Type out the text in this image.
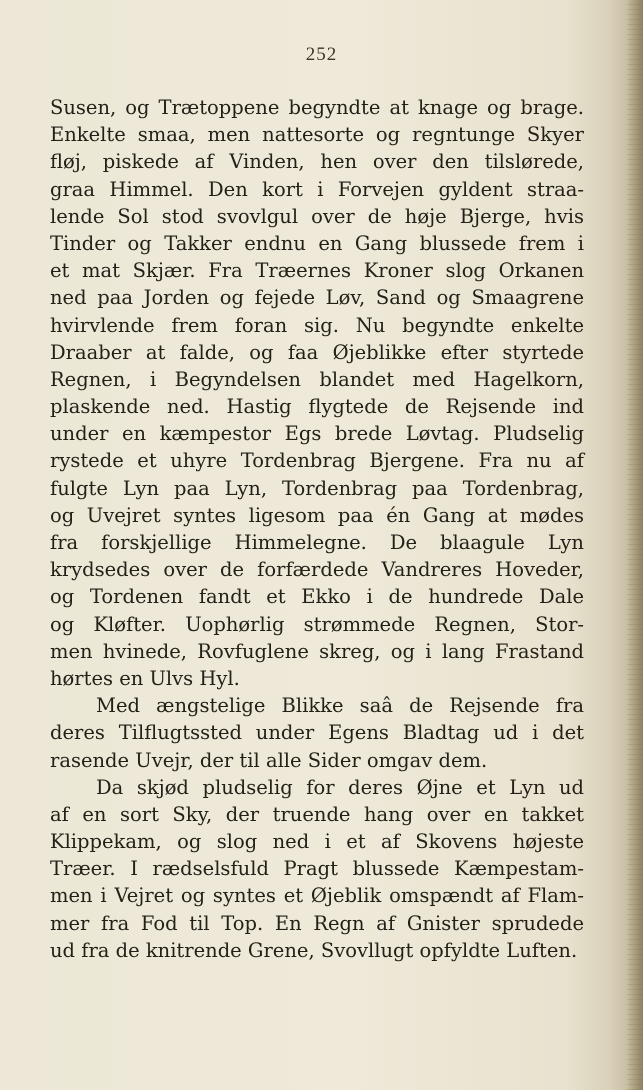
252
Susen, og Trætoppene begyndte at knage og brage.
Enkelte smaa, men nattesorte og regntunge Skyer
fløj, piskede af Vinden, hen over den tilslørede,
graa Himmel. Den kort i Forvejen gyldent straa-
lende Sol stod svovlgul over de høje Bjerge, hvis
Tinder og Takker endnu en Gang blussede frem i
et mat Skjær. Fra Træernes Kroner slog Orkanen
ned paa Jorden og fejede Løv, Sand og Smaagrene
hvirvlende frem foran sig. Nu begyndte enkelte
Draaber at falde, og faa Øjeblikke efter styrtede
Regnen, i Begyndelsen blandet med Hagelkorn,
plaskende ned. Hastig flygtede de Rejsende ind
under en kæmpestor Egs brede Løvtag. Pludselig
rystede et uhyre Tordenbrag Bjergene. Fra nu af
fulgte Lyn paa Lyn, Tordenbrag paa Tordenbrag,
og Uvejret syntes ligesom paa én Gang at mødes
fra forskjellige Himmelegne. De blaagule Lyn
krydsedes over de forfærdede Vandreres Hoveder,
og Tordenen fandt et Ekko i de hundrede Dale
og Kløfter. Uophørlig strømmede Regnen, Stor-
men hvinede, Rovfuglene skreg, og i lang Frastand
hørtes en Ulvs Hyl.
Med ængstelige Blikke saâ de Rejsende fra
deres Tilflugtssted under Egens Bladtag ud i det
rasende Uvejr, der til alle Sider omgav dem.
Da skjød pludselig for deres Øjne et Lyn ud
af en sort Sky, der truende hang over en takket
Klippekam, og slog ned i et af Skovens højeste
Træer. I rædselsfuld Pragt blussede Kæmpestam-
men i Vejret og syntes et Øjeblik omspændt af Flam-
mer fra Fod til Top. En Regn af Gnister sprudede
ud fra de knitrende Grene, Svovllugt opfyldte Luften.
